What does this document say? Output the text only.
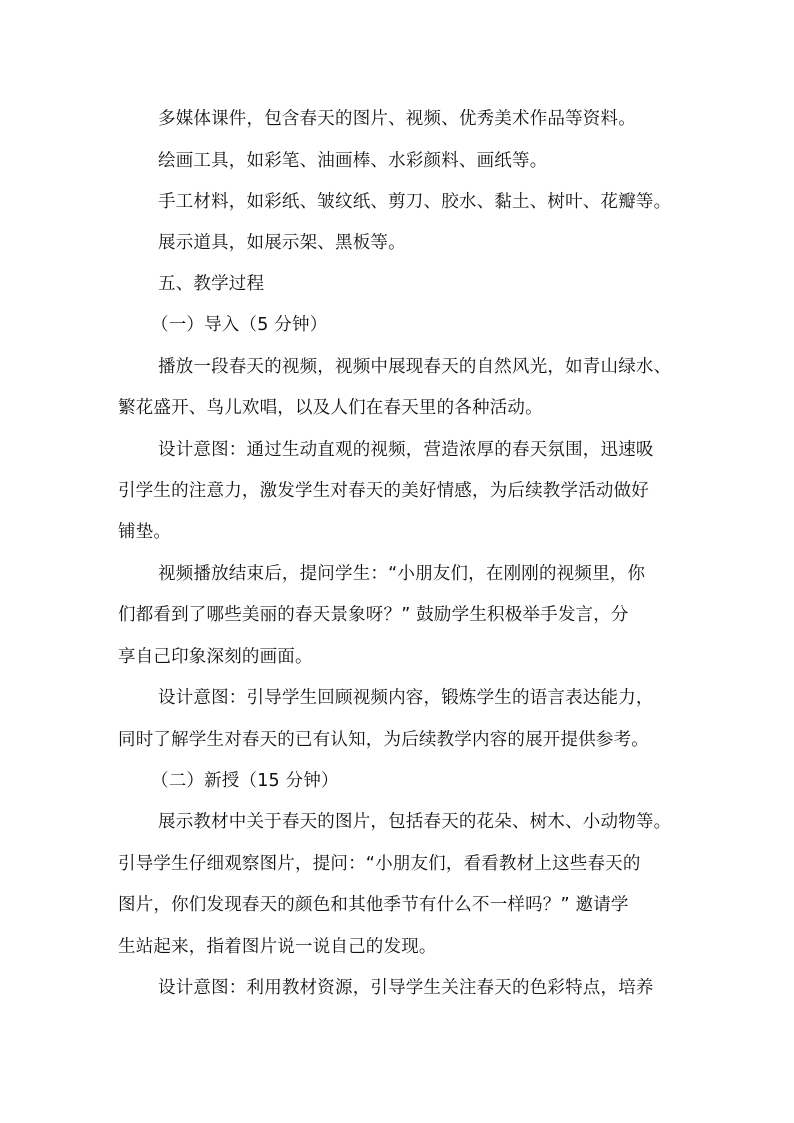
多媒体课件，包含春天的图片、视频、优秀美术作品等资料。
绘画工具，如彩笔、油画棒、水彩颜料、画纸等。
手工材料，如彩纸、皱纹纸、剪刀、胶水、黏土、树叶、花瓣等。
展示道具，如展示架、黑板等。
五、教学过程
（一）导入（5 分钟）
播放一段春天的视频，视频中展现春天的自然风光，如青山绿水、
繁花盛开、鸟儿欢唱，以及人们在春天里的各种活动。
设计意图：通过生动直观的视频，营造浓厚的春天氛围，迅速吸
引学生的注意力，激发学生对春天的美好情感，为后续教学活动做好
铺垫。
视频播放结束后，提问学生：“小朋友们，在刚刚的视频里，你
们都看到了哪些美丽的春天景象呀？” 鼓励学生积极举手发言，分
享自己印象深刻的画面。
设计意图：引导学生回顾视频内容，锻炼学生的语言表达能力，
同时了解学生对春天的已有认知，为后续教学内容的展开提供参考。
（二）新授（15 分钟）
展示教材中关于春天的图片，包括春天的花朵、树木、小动物等。
引导学生仔细观察图片，提问：“小朋友们，看看教材上这些春天的
图片，你们发现春天的颜色和其他季节有什么不一样吗？” 邀请学
生站起来，指着图片说一说自己的发现。
设计意图：利用教材资源，引导学生关注春天的色彩特点，培养
